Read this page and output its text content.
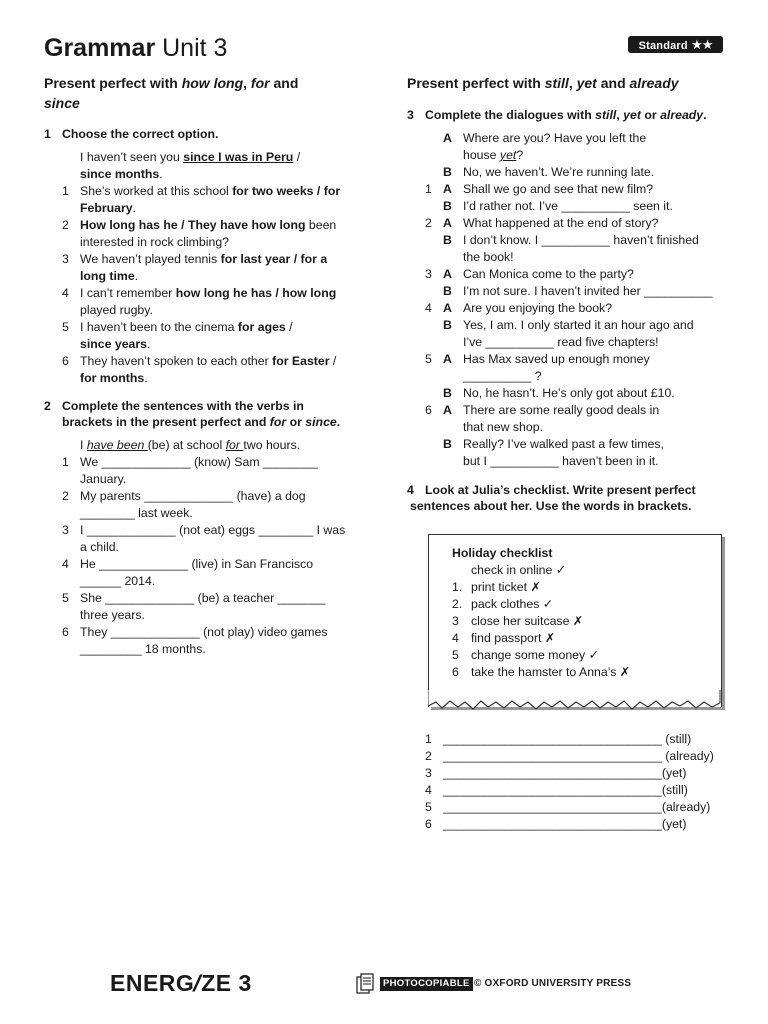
Grammar Unit 3	Standard ★★
Present perfect with how long, for and
since
1 Choose the correct option.
I haven’t seen you since I was in Peru /
since months.
1 She’s worked at this school for two weeks / for
February.
2 How long has he / They have how long been
interested in rock climbing?
3 We haven’t played tennis for last year / for a
long time.
4 I can’t remember how long he has / how long
played rugby.
5 I haven’t been to the cinema for ages /
since years.
6 They haven’t spoken to each other for Easter /
for months.
2 Complete the sentences with the verbs in
brackets in the present perfect and for or since.
I have been (be) at school for two hours.
1 We _____________ (know) Sam ________
January.
2 My parents _____________ (have) a dog
________ last week.
3 I _____________ (not eat) eggs ________ I was
a child.
4 He _____________ (live) in San Francisco
______ 2014.
5 She _____________ (be) a teacher _______
three years.
6 They _____________ (not play) video games
_________ 18 months.
Present perfect with still, yet and already
3 Complete the dialogues with still, yet or already.
A Where are you? Have you left the
house yet?
B No, we haven’t. We’re running late.
1 A Shall we go and see that new film?
B I’d rather not. I’ve __________ seen it.
2 A What happened at the end of story?
B I don’t know. I __________ haven’t finished
the book!
3 A Can Monica come to the party?
B I’m not sure. I haven’t invited her __________
4 A Are you enjoying the book?
B Yes, I am. I only started it an hour ago and
I’ve __________ read five chapters!
5 A Has Max saved up enough money
__________ ?
B No, he hasn’t. He’s only got about £10.
6 A There are some really good deals in
that new shop.
B Really? I’ve walked past a few times,
but I __________ haven’t been in it.
4 Look at Julia’s checklist. Write present perfect
sentences about her. Use the words in brackets.
Holiday checklist
check in online ✓
1. print ticket ✗
2. pack clothes ✓
3 close her suitcase ✗
4 find passport ✗
5 change some money ✓
6 take the hamster to Anna’s ✗
1 ________________________________ (still)
2 ________________________________ (already)
3 ________________________________(yet)
4 ________________________________(still)
5 ________________________________(already)
6 ________________________________(yet)
ENERG/ZE 3	PHOTOCOPIABLE © OXFORD UNIVERSITY PRESS
